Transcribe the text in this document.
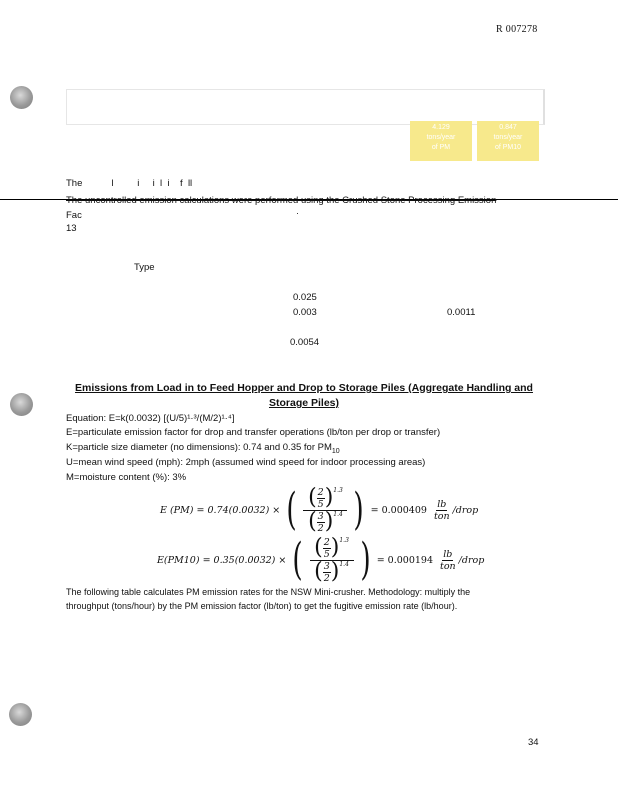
R 007278
4.129
tons/year
of PM
0.847
tons/year
of PM10
The           l         i     i  l  i    f  ll
The uncontrolled emission calculations were performed using the Crushed Stone Processing Emission
Fac	·
13
Type
0.025
0.003	0.0011
0.0054
Emissions from Load in to Feed Hopper and Drop to Storage Piles (Aggregate Handling and Storage Piles)
Equation: E=k(0.0032) [(U/5)¹·³/(M/2)¹·⁴]
E=particulate emission factor for drop and transfer operations (lb/ton per drop or transfer)
K=particle size diameter (no dimensions): 0.74 and 0.35 for $PM_{10}$
U=mean wind speed (mph): 2mph (assumed wind speed for indoor processing areas)
M=moisture content (%): 3%
E (PM) = 0.74(0.0032) × ( ( $\frac{2}{5} )^{1.3}$
( $\frac{3}{2} )^{1.4}$ ) = $0.000409 \frac{lb}{\text{ton}}$ /drop
E(PM10) = 0.35(0.0032) × ( ( $\frac{2}{5} )^{1.3}$
( $\frac{3}{2} )^{1.4}$ ) = $0.000194 \frac{lb}{\text{ton}}$ /drop
The following table calculates PM emission rates for the NSW Mini-crusher. Methodology: multiply the
throughput (tons/hour) by the PM emission factor (lb/ton) to get the fugitive emission rate (lb/hour).
34
